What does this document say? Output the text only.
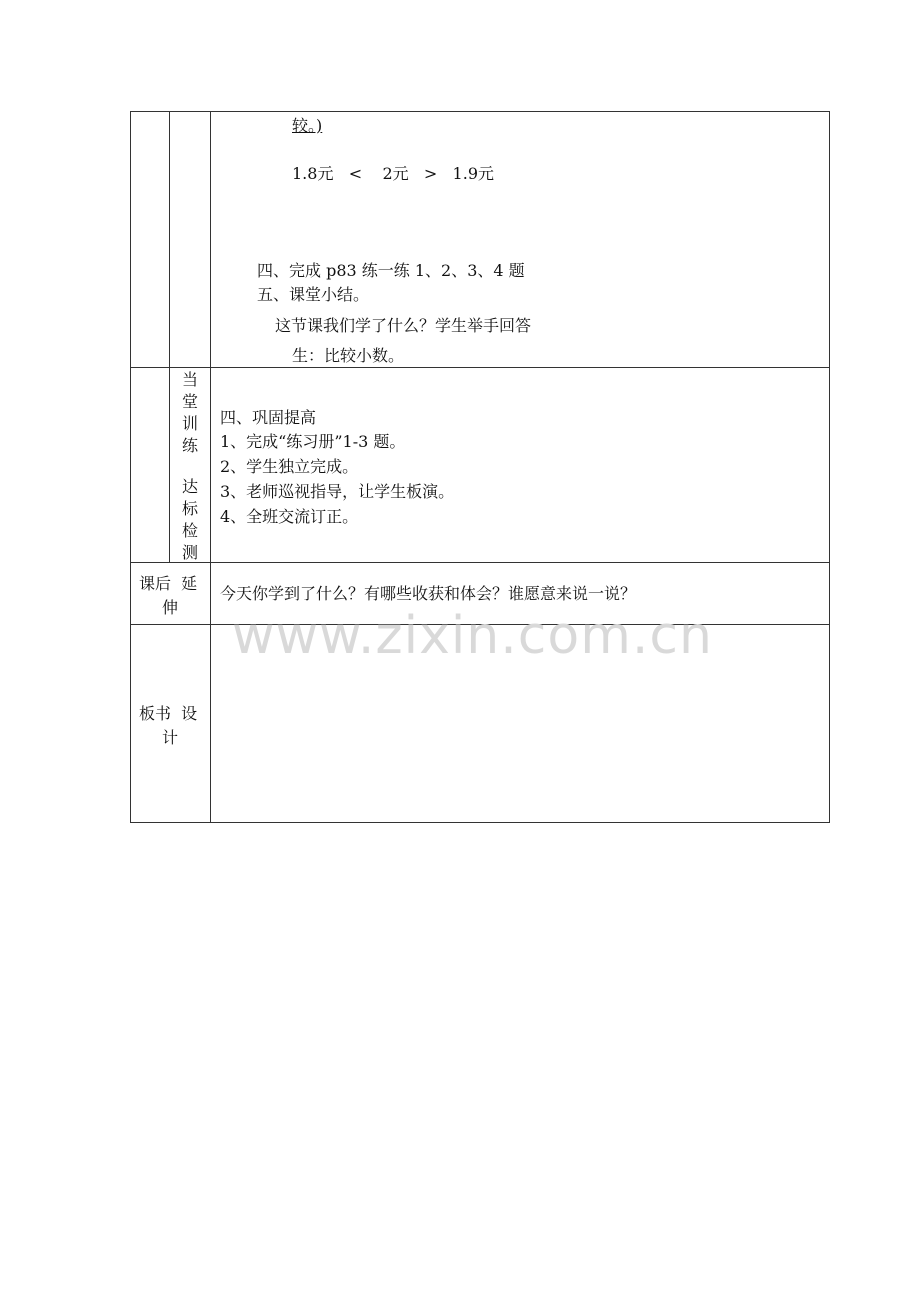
较。)
1.8元   <    2元   >   1.9元
四、完成 p83 练一练 1、2、3、4 题
五、课堂小结。
这节课我们学了什么？学生举手回答
生：比较小数。
当
堂
训
练
达
标
检
测
四、巩固提高
1、完成“练习册”1-3 题。
2、学生独立完成。
3、老师巡视指导，让学生板演。
4、全班交流订正。
课后  延
伸
今天你学到了什么？有哪些收获和体会？谁愿意来说一说？
www.zixin.com.cn
板书  设
计
